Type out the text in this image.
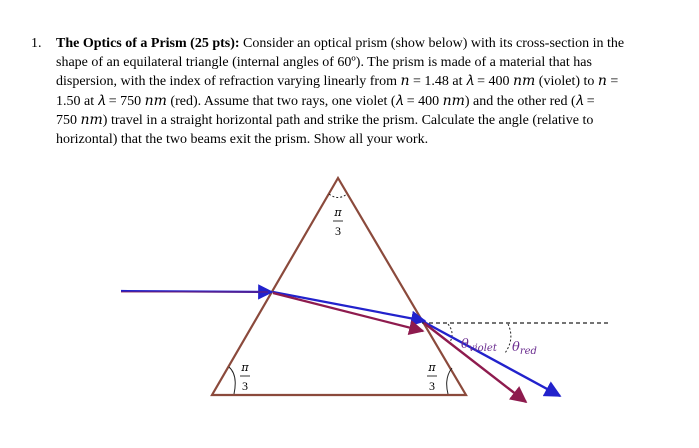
1. The Optics of a Prism (25 pts): Consider an optical prism (show below) with its cross-section in the
shape of an equilateral triangle (internal angles of 60º). The prism is made of a material that has
dispersion, with the index of refraction varying linearly from 𝑛 = 1.48 at 𝜆 = 400 𝑛𝑚 (violet) to 𝑛 =
1.50 at 𝜆 = 750 𝑛𝑚 (red). Assume that two rays, one violet (𝜆 = 400 𝑛𝑚) and the other red (𝜆 =
750 𝑛𝑚) travel in a straight horizontal path and strike the prism. Calculate the angle (relative to
horizontal) that the two beams exit the prism. Show all your work.
π
3
π
3
π
3
$\theta_{violet}$ $\theta_{red}$
